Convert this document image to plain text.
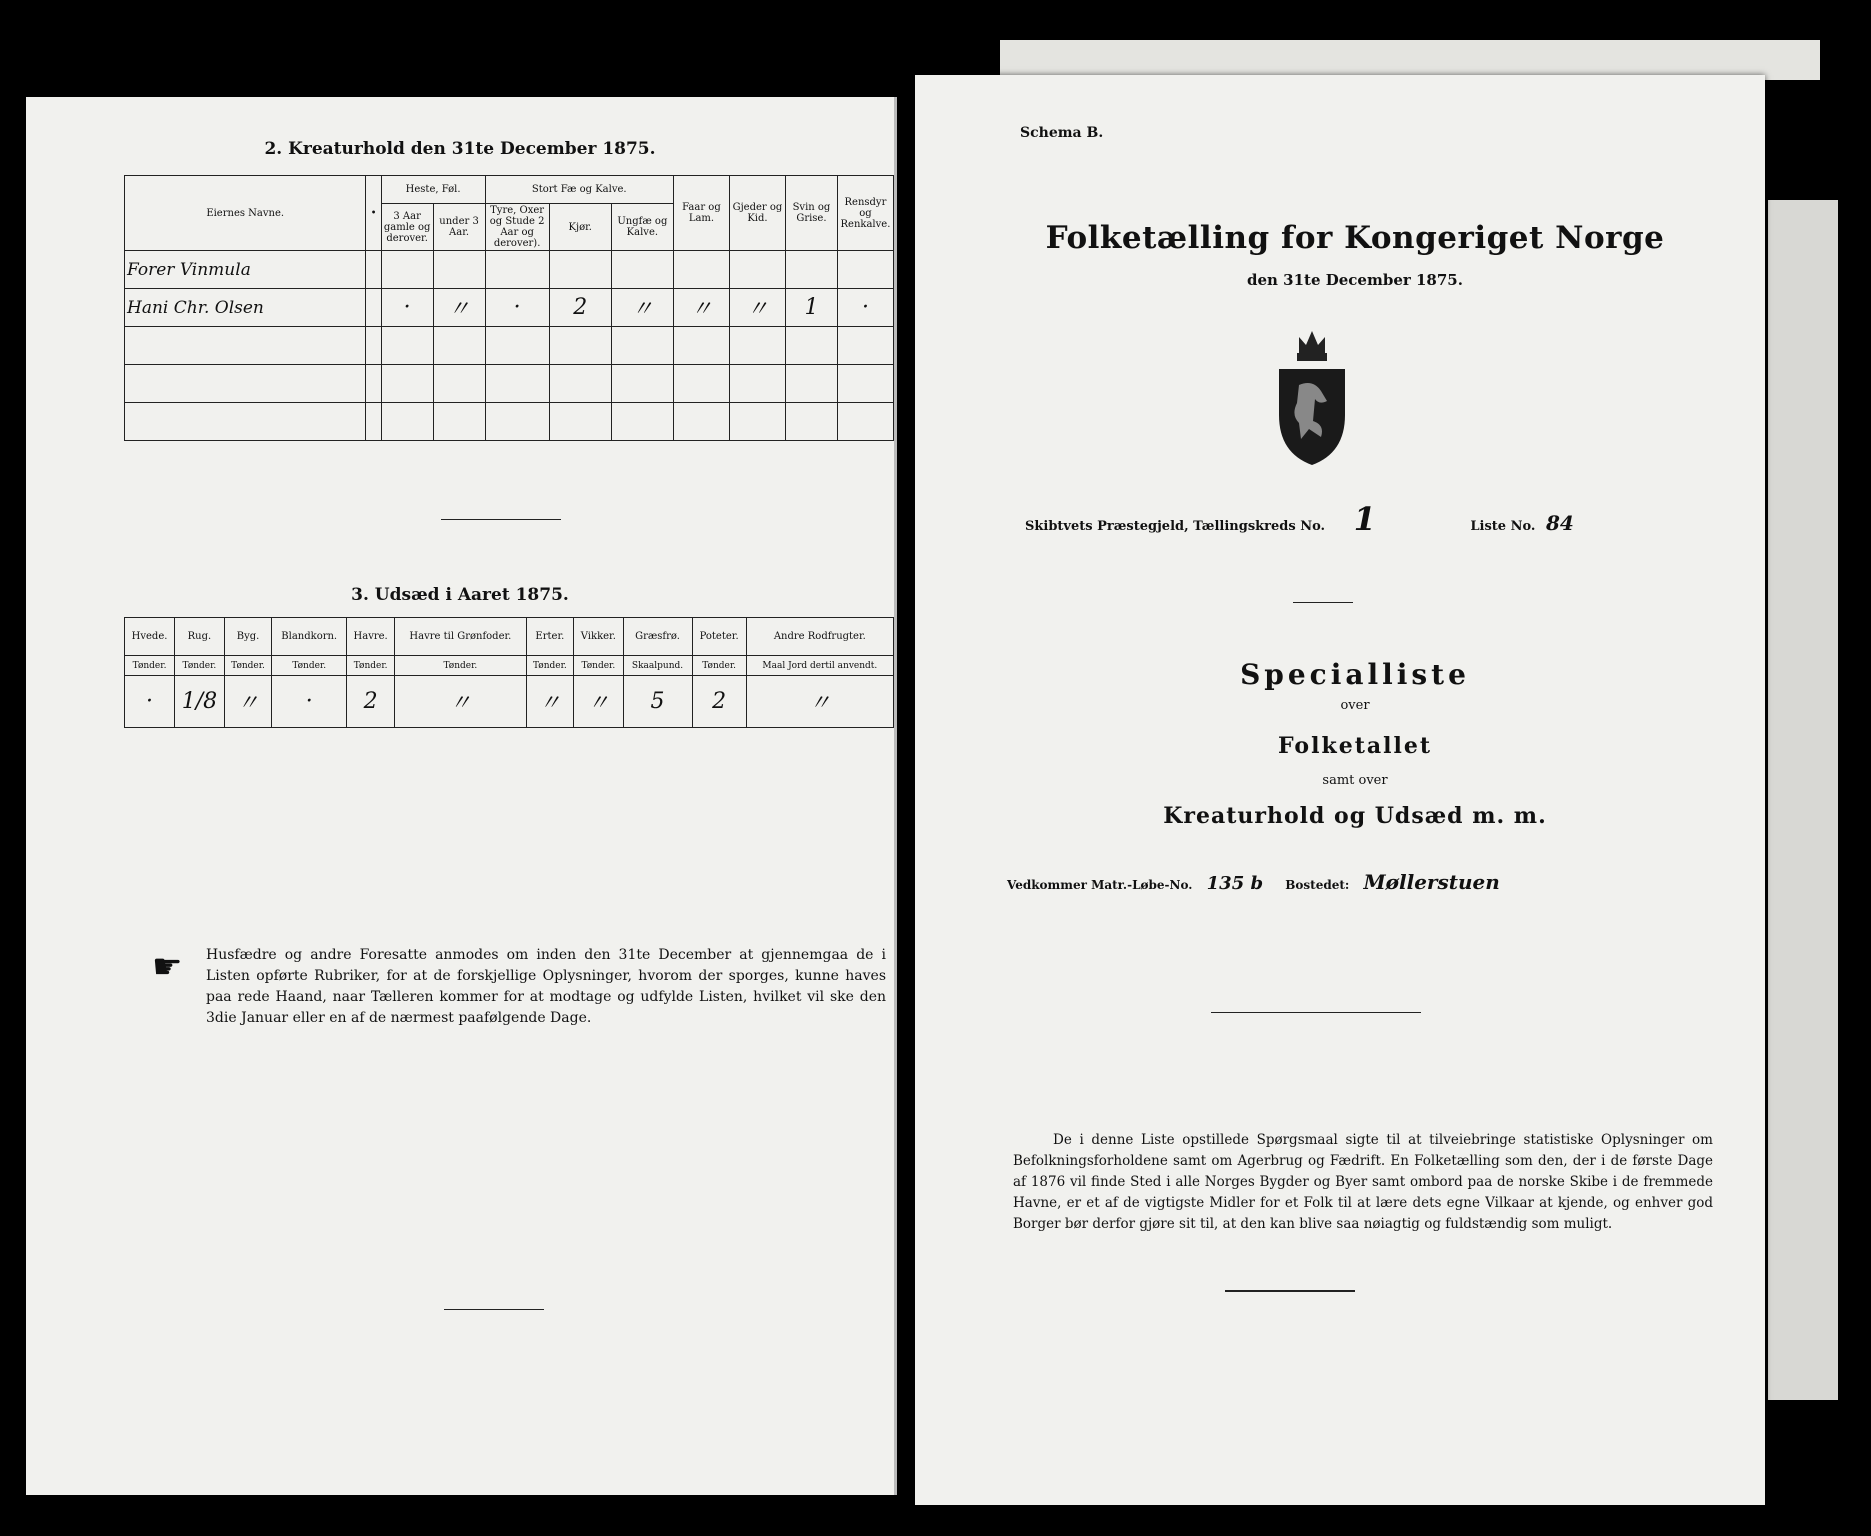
2. Kreaturhold den 31te December 1875.
Eiernes Navne.	•	Heste, Føl.		Stort Fæ og Kalve.			Faar og Lam.	Gjeder og Kid.	Svin og Grise.	Rensdyr og Renkalve.
		3 Aar gamle og derover.	under 3 Aar.	Tyre, Oxer og Stude 2 Aar og derover).	Kjør.	Ungfæ og Kalve.				
Forer Vinmula										
Hani Chr. Olsen		·	〃	·	2	〃	〃	〃	1	·

3. Udsæd i Aaret 1875.
Hvede.	Rug.	Byg.	Blandkorn.	Havre.	Havre til Grønfoder.	Erter.	Vikker.	Græsfrø.	Poteter.	Andre Rodfrugter.
Tønder.	Tønder.	Tønder.	Tønder.	Tønder.	Tønder.	Tønder.	Tønder.	Skaalpund.	Tønder.	Maal Jord dertil anvendt.
·	1/8	〃	·	2	〃	〃	〃	5	2	〃
☛ Husfædre og andre Foresatte anmodes om inden den 31te December at gjennemgaa de i Listen opførte Rubriker, for at de forskjellige Oplysninger, hvorom der sporges, kunne haves paa rede Haand, naar Tælleren kommer for at modtage og udfylde Listen, hvilket vil ske den 3die Januar eller en af de nærmest paafølgende Dage.
Schema B.
Folketælling for Kongeriget Norge
den 31te December 1875.
Skibtvets Præstegjeld, Tællingskreds No. 1	Liste No. 84
Specialliste
over
Folketallet
samt over
Kreaturhold og Udsæd m. m.
Vedkommer Matr.-Løbe-No. 135 b Bostedet: Møllerstuen
De i denne Liste opstillede Spørgsmaal sigte til at tilveiebringe statistiske Oplysninger om Befolkningsforholdene samt om Agerbrug og Fædrift. En Folketælling som den, der i de første Dage af 1876 vil finde Sted i alle Norges Bygder og Byer samt ombord paa de norske Skibe i de fremmede Havne, er et af de vigtigste Midler for et Folk til at lære dets egne Vilkaar at kjende, og enhver god Borger bør derfor gjøre sit til, at den kan blive saa nøiagtig og fuldstændig som muligt.
